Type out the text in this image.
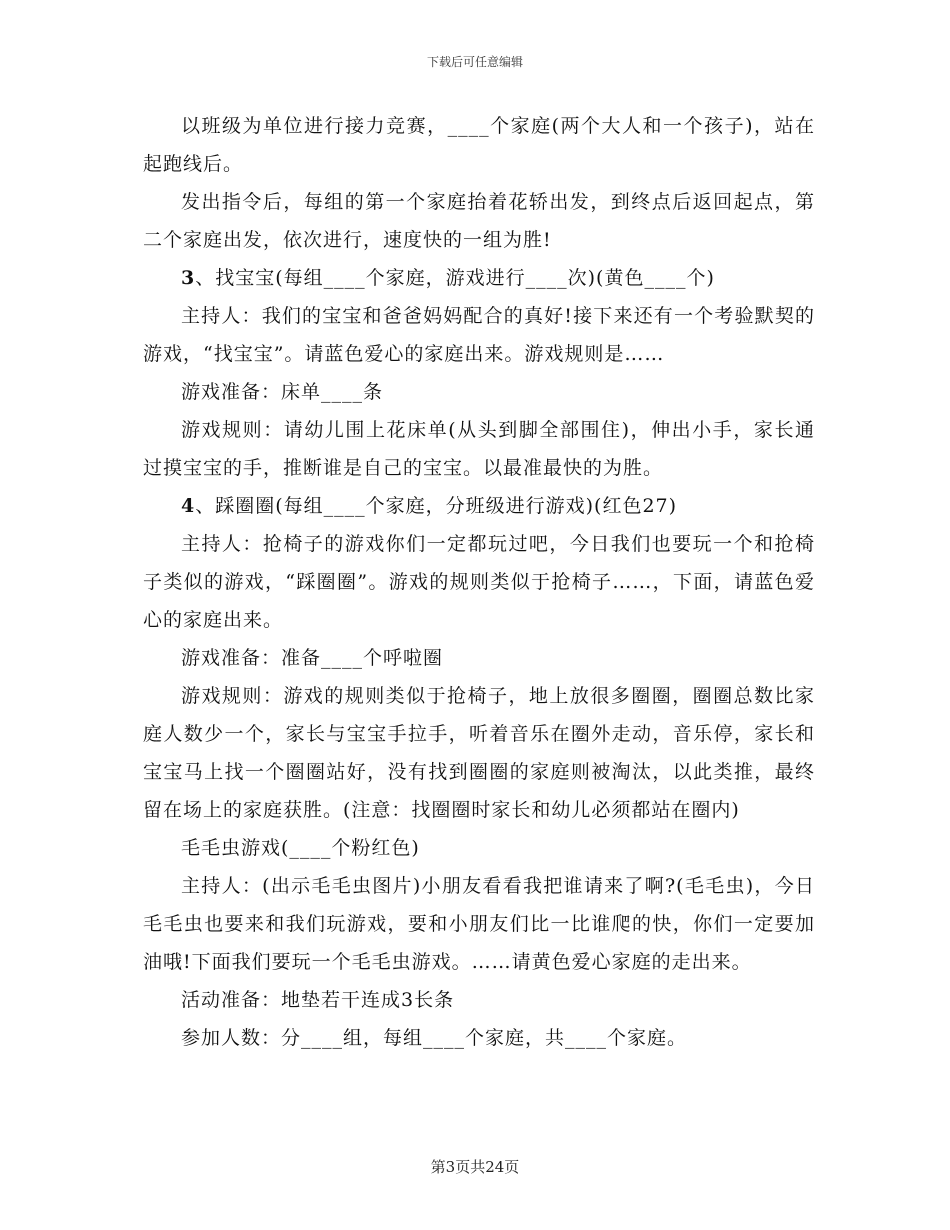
下载后可任意编辑

以班级为单位进行接力竞赛，____个家庭(两个大人和一个孩子)，站在起跑线后。

发出指令后，每组的第一个家庭抬着花轿出发，到终点后返回起点，第二个家庭出发，依次进行，速度快的一组为胜!

3、找宝宝(每组____个家庭，游戏进行____次)(黄色____个)

主持人：我们的宝宝和爸爸妈妈配合的真好!接下来还有一个考验默契的游戏，“找宝宝”。请蓝色爱心的家庭出来。游戏规则是……

游戏准备：床单____条

游戏规则：请幼儿围上花床单(从头到脚全部围住)，伸出小手，家长通过摸宝宝的手，推断谁是自己的宝宝。以最准最快的为胜。

4、踩圈圈(每组____个家庭，分班级进行游戏)(红色27)

主持人：抢椅子的游戏你们一定都玩过吧，今日我们也要玩一个和抢椅子类似的游戏，“踩圈圈”。游戏的规则类似于抢椅子……，下面，请蓝色爱心的家庭出来。

游戏准备：准备____个呼啦圈

游戏规则：游戏的规则类似于抢椅子，地上放很多圈圈，圈圈总数比家庭人数少一个，家长与宝宝手拉手，听着音乐在圈外走动，音乐停，家长和宝宝马上找一个圈圈站好，没有找到圈圈的家庭则被淘汰，以此类推，最终留在场上的家庭获胜。(注意：找圈圈时家长和幼儿必须都站在圈内)

毛毛虫游戏(____个粉红色)

主持人：(出示毛毛虫图片)小朋友看看我把谁请来了啊?(毛毛虫)，今日毛毛虫也要来和我们玩游戏，要和小朋友们比一比谁爬的快，你们一定要加油哦!下面我们要玩一个毛毛虫游戏。……请黄色爱心家庭的走出来。

活动准备：地垫若干连成3长条

参加人数：分____组，每组____个家庭，共____个家庭。

第3页共24页
